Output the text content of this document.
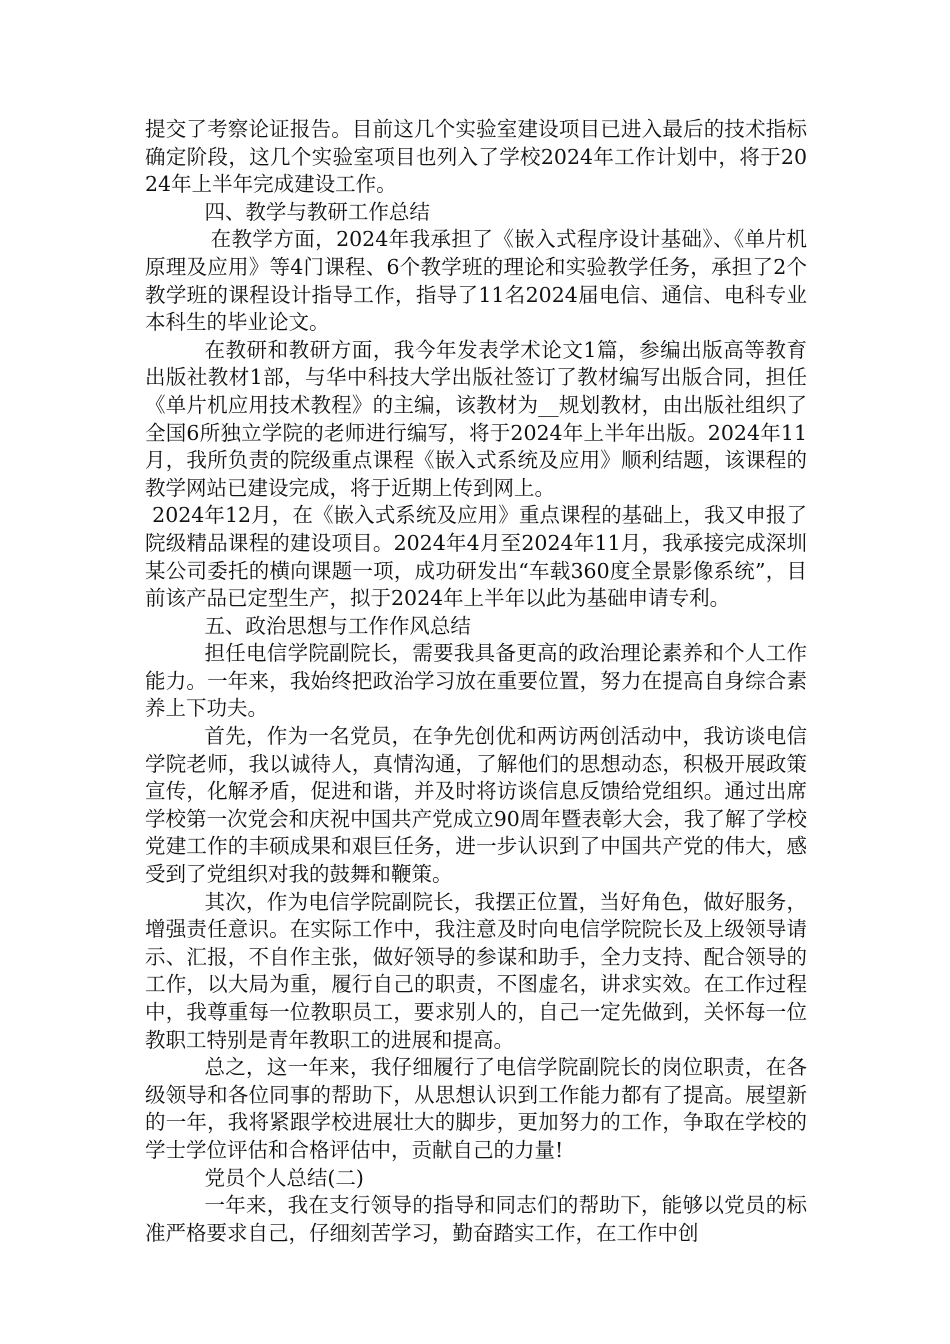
提交了考察论证报告。目前这几个实验室建设项目已进入最后的技术指标确定阶段，这几个实验室项目也列入了学校2024年工作计划中，将于2024年上半年完成建设工作。

四、教学与教研工作总结

在教学方面，2024年我承担了《嵌入式程序设计基础》、《单片机原理及应用》等4门课程、6个教学班的理论和实验教学任务，承担了2个教学班的课程设计指导工作，指导了11名2024届电信、通信、电科专业本科生的毕业论文。

在教研和教研方面，我今年发表学术论文1篇，参编出版高等教育出版社教材1部，与华中科技大学出版社签订了教材编写出版合同，担任《单片机应用技术教程》的主编，该教材为__规划教材，由出版社组织了全国6所独立学院的老师进行编写，将于2024年上半年出版。2024年11月，我所负责的院级重点课程《嵌入式系统及应用》顺利结题，该课程的教学网站已建设完成，将于近期上传到网上。

2024年12月，在《嵌入式系统及应用》重点课程的基础上，我又申报了院级精品课程的建设项目。2024年4月至2024年11月，我承接完成深圳某公司委托的横向课题一项，成功研发出“车载360度全景影像系统”，目前该产品已定型生产，拟于2024年上半年以此为基础申请专利。

五、政治思想与工作作风总结

担任电信学院副院长，需要我具备更高的政治理论素养和个人工作能力。一年来，我始终把政治学习放在重要位置，努力在提高自身综合素养上下功夫。

首先，作为一名党员，在争先创优和两访两创活动中，我访谈电信学院老师，我以诚待人，真情沟通，了解他们的思想动态，积极开展政策宣传，化解矛盾，促进和谐，并及时将访谈信息反馈给党组织。通过出席学校第一次党会和庆祝中国共产党成立90周年暨表彰大会，我了解了学校党建工作的丰硕成果和艰巨任务，进一步认识到了中国共产党的伟大，感受到了党组织对我的鼓舞和鞭策。

其次，作为电信学院副院长，我摆正位置，当好角色，做好服务，增强责任意识。在实际工作中，我注意及时向电信学院院长及上级领导请示、汇报，不自作主张，做好领导的参谋和助手，全力支持、配合领导的工作，以大局为重，履行自己的职责，不图虚名，讲求实效。在工作过程中，我尊重每一位教职员工，要求别人的，自己一定先做到，关怀每一位教职工特别是青年教职工的进展和提高。

总之，这一年来，我仔细履行了电信学院副院长的岗位职责，在各级领导和各位同事的帮助下，从思想认识到工作能力都有了提高。展望新的一年，我将紧跟学校进展壮大的脚步，更加努力的工作，争取在学校的学士学位评估和合格评估中，贡献自己的力量!

党员个人总结(二)

一年来，我在支行领导的指导和同志们的帮助下，能够以党员的标准严格要求自己，仔细刻苦学习，勤奋踏实工作，在工作中创
